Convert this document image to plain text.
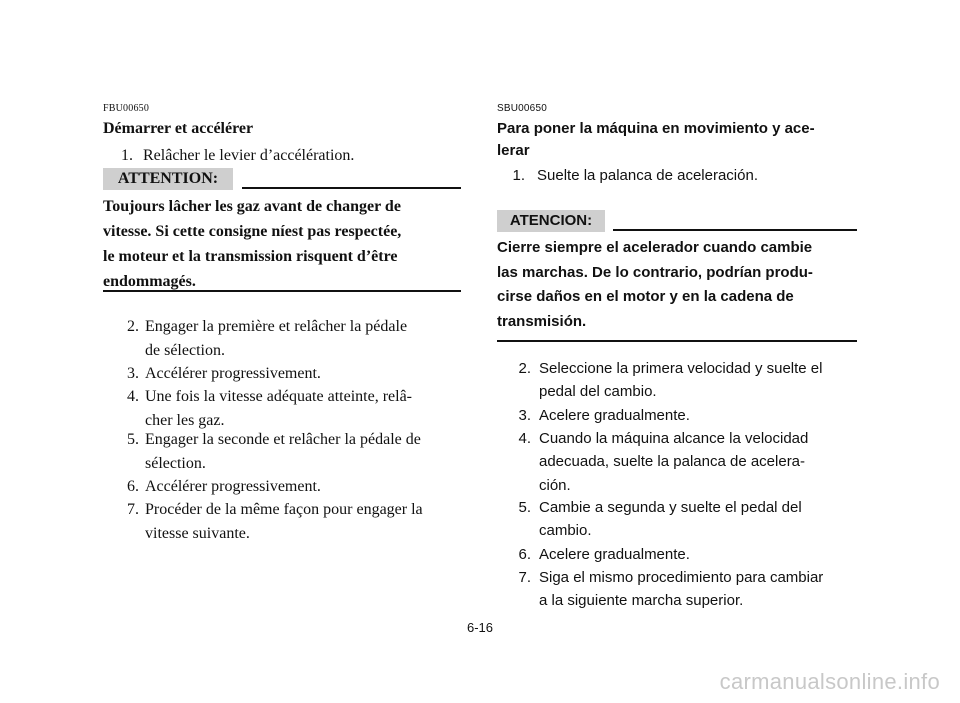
FBU00650
Démarrer et accélérer
1. Relâcher le levier d’accélération.
ATTENTION:
Toujours lâcher les gaz avant de changer de
vitesse. Si cette consigne níest pas respectée,
le moteur et la transmission risquent d’être
endommagés.
2. Engager la première et relâcher la pédale
de sélection.
3. Accélérer progressivement.
4. Une fois la vitesse adéquate atteinte, relâ-
cher les gaz.
5. Engager la seconde et relâcher la pédale de
sélection.
6. Accélérer progressivement.
7. Procéder de la même façon pour engager la
vitesse suivante.
SBU00650
Para poner la máquina en movimiento y ace-
lerar
1. Suelte la palanca de aceleración.
ATENCION:
Cierre siempre el acelerador cuando cambie
las marchas. De lo contrario, podrían produ-
cirse daños en el motor y en la cadena de
transmisión.
2. Seleccione la primera velocidad y suelte el
pedal del cambio.
3. Acelere gradualmente.
4. Cuando la máquina alcance la velocidad
adecuada, suelte la palanca de acelera-
ción.
5. Cambie a segunda y suelte el pedal del
cambio.
6. Acelere gradualmente.
7. Siga el mismo procedimiento para cambiar
a la siguiente marcha superior.
6-16
carmanualsonline.info
